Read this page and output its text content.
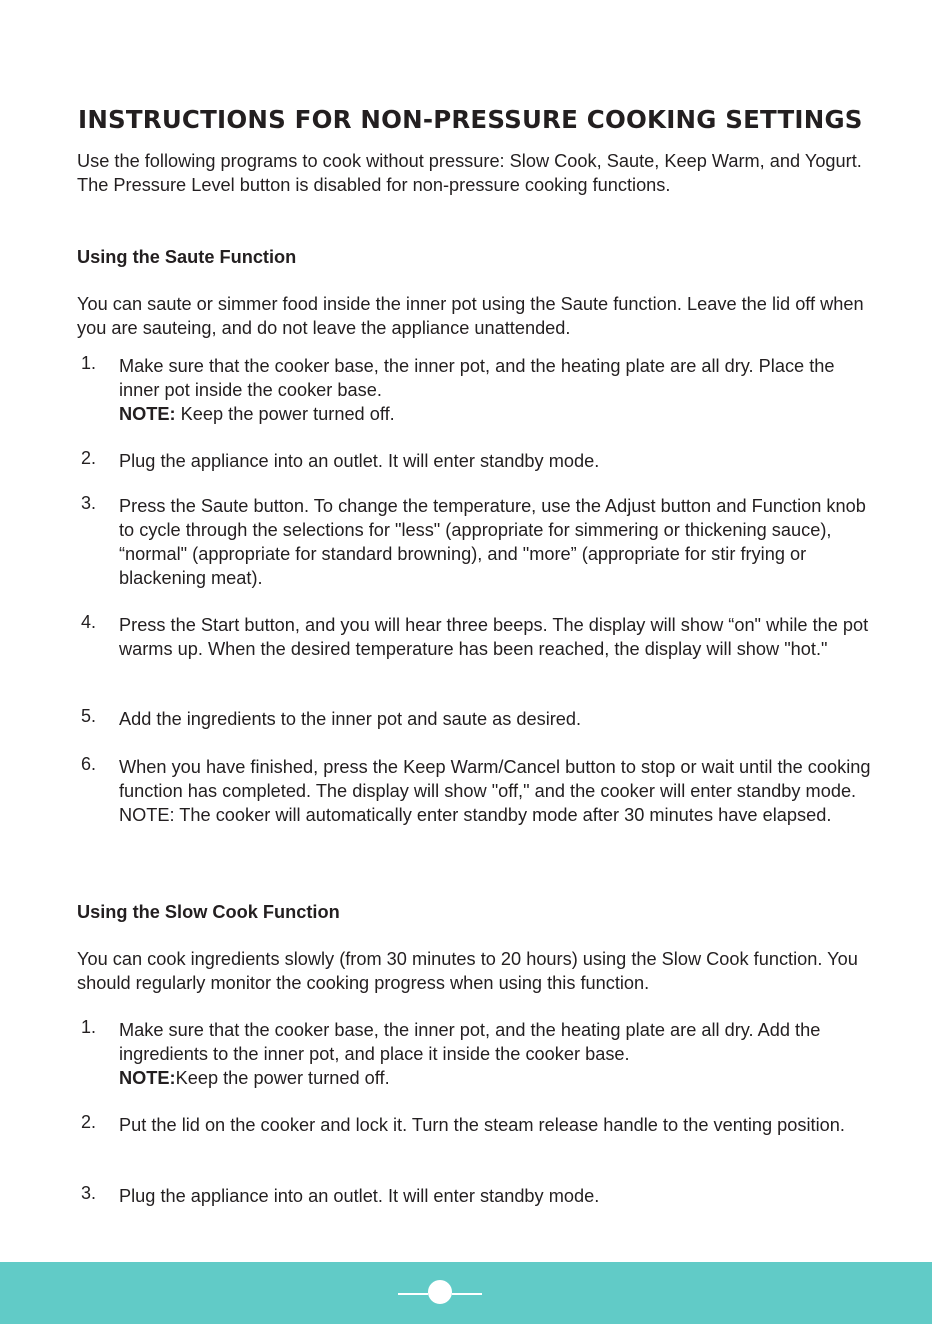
INSTRUCTIONS FOR NON-PRESSURE COOKING SETTINGS

Use the following programs to cook without pressure: Slow Cook, Saute, Keep Warm, and Yogurt. The Pressure Level button is disabled for non-pressure cooking functions.

Using the Saute Function

You can saute or simmer food inside the inner pot using the Saute function. Leave the lid off when you are sauteing, and do not leave the appliance unattended.

1. Make sure that the cooker base, the inner pot, and the heating plate are all dry. Place the inner pot inside the cooker base.
NOTE: Keep the power turned off.

2. Plug the appliance into an outlet. It will enter standby mode.

3. Press the Saute button. To change the temperature, use the Adjust button and Function knob to cycle through the selections for "less" (appropriate for simmering or thickening sauce), “normal" (appropriate for standard browning), and "more” (appropriate for stir frying or blackening meat).

4. Press the Start button, and you will hear three beeps. The display will show “on" while the pot warms up. When the desired temperature has been reached, the display will show "hot."

5. Add the ingredients to the inner pot and saute as desired.

6. When you have finished, press the Keep Warm/Cancel button to stop or wait until the cooking function has completed. The display will show "off," and the cooker will enter standby mode.
NOTE: The cooker will automatically enter standby mode after 30 minutes have elapsed.

Using the Slow Cook Function

You can cook ingredients slowly (from 30 minutes to 20 hours) using the Slow Cook function. You should regularly monitor the cooking progress when using this function.

1. Make sure that the cooker base, the inner pot, and the heating plate are all dry. Add the ingredients to the inner pot, and place it inside the cooker base.
NOTE:Keep the power turned off.

2. Put the lid on the cooker and lock it. Turn the steam release handle to the venting position.

3. Plug the appliance into an outlet. It will enter standby mode.
